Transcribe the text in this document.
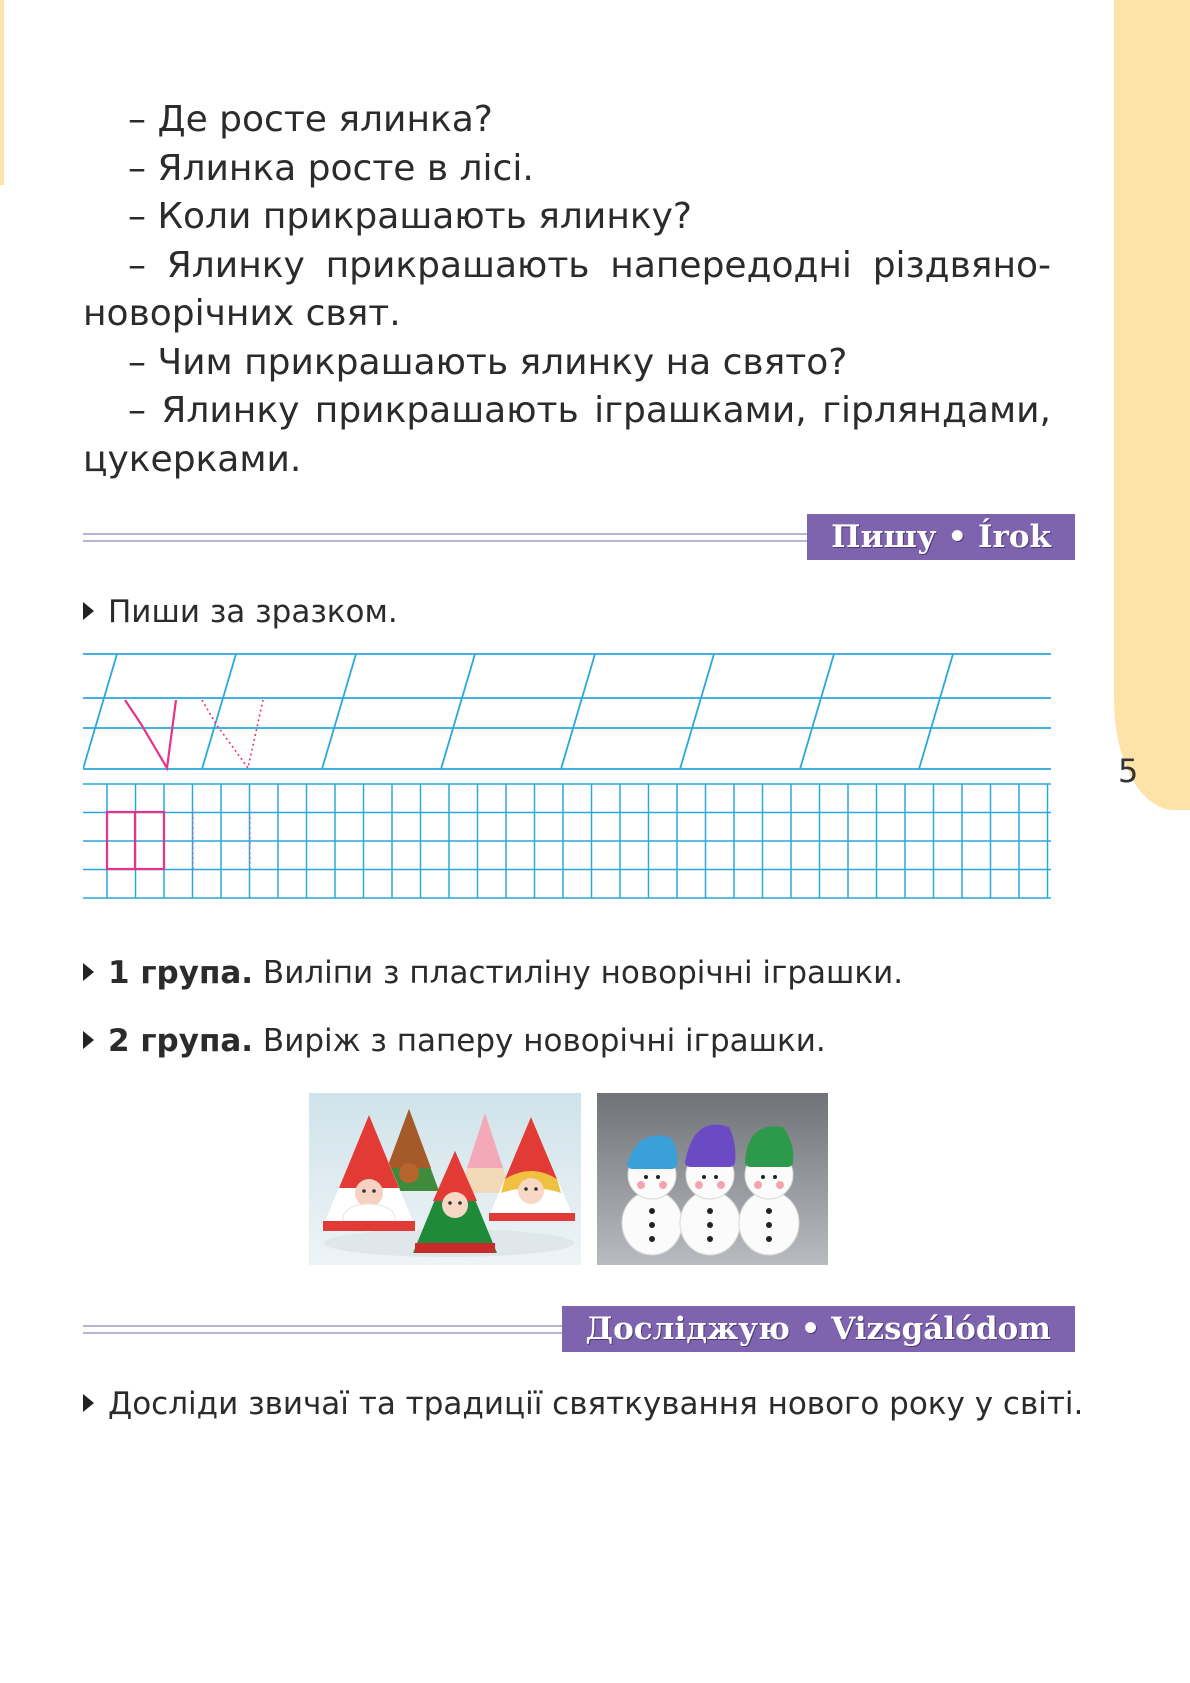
5

– Де росте ялинка?

– Ялинка росте в лісі.

– Коли прикрашають ялинку?

– Ялинку прикрашають напередодні різдвяно-новорічних свят.

– Чим прикрашають ялинку на свято?

– Ялинку прикрашають іграшками, гірляндами, цукерками.

Пишу • Írok
Пиши за зразком.
1 група. Виліпи з пластиліну новорічні іграшки.
2 група. Виріж з паперу новорічні іграшки.
Досліджую • Vizsgálódom
Досліди звичаї та традиції святкування нового року у світі.
